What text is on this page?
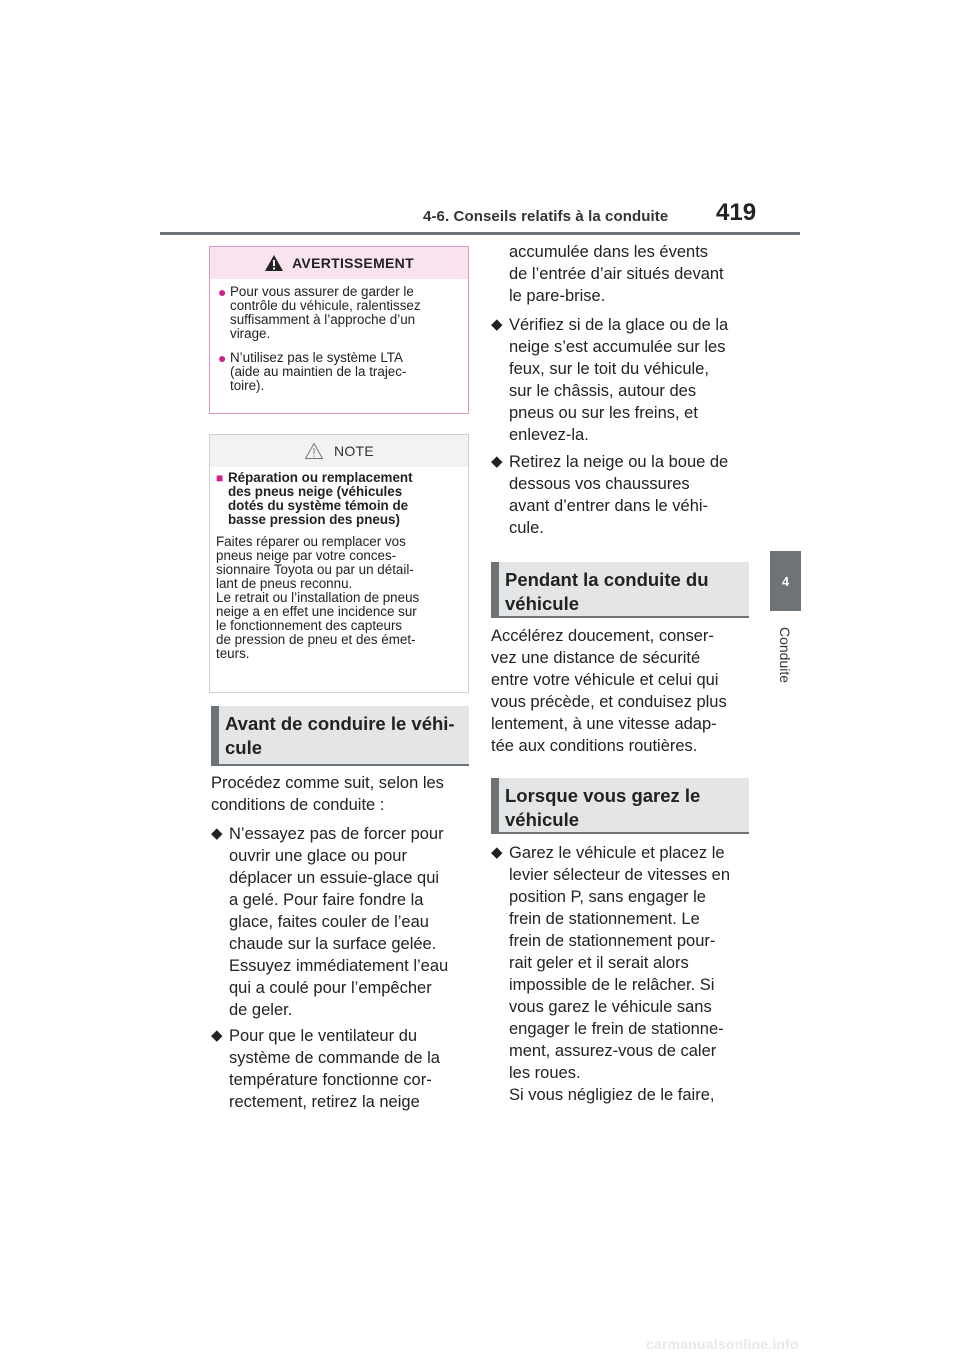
4-6. Conseils relatifs à la conduite 419
4
Conduite
AVERTISSEMENT
● Pour vous assurer de garder le
contrôle du véhicule, ralentissez
suffisamment à l’approche d’un
virage.
● N’utilisez pas le système LTA
(aide au maintien de la trajec-
toire).
NOTE
■ Réparation ou remplacement
des pneus neige (véhicules
dotés du système témoin de
basse pression des pneus)
Faites réparer ou remplacer vos
pneus neige par votre conces-
sionnaire Toyota ou par un détail-
lant de pneus reconnu.
Le retrait ou l’installation de pneus
neige a en effet une incidence sur
le fonctionnement des capteurs
de pression de pneu et des émet-
teurs.
Avant de conduire le véhi-
cule
Procédez comme suit, selon les
conditions de conduite :
◆ N’essayez pas de forcer pour
ouvrir une glace ou pour
déplacer un essuie-glace qui
a gelé. Pour faire fondre la
glace, faites couler de l’eau
chaude sur la surface gelée.
Essuyez immédiatement l’eau
qui a coulé pour l’empêcher
de geler.
◆ Pour que le ventilateur du
système de commande de la
température fonctionne cor-
rectement, retirez la neige
accumulée dans les évents
de l’entrée d’air situés devant
le pare-brise.
◆ Vérifiez si de la glace ou de la
neige s’est accumulée sur les
feux, sur le toit du véhicule,
sur le châssis, autour des
pneus ou sur les freins, et
enlevez-la.
◆ Retirez la neige ou la boue de
dessous vos chaussures
avant d’entrer dans le véhi-
cule.
Pendant la conduite du
véhicule
Accélérez doucement, conser-
vez une distance de sécurité
entre votre véhicule et celui qui
vous précède, et conduisez plus
lentement, à une vitesse adap-
tée aux conditions routières.
Lorsque vous garez le
véhicule
◆ Garez le véhicule et placez le
levier sélecteur de vitesses en
position P, sans engager le
frein de stationnement. Le
frein de stationnement pour-
rait geler et il serait alors
impossible de le relâcher. Si
vous garez le véhicule sans
engager le frein de stationne-
ment, assurez-vous de caler
les roues.
Si vous négligiez de le faire,
carmanualsonline.info
